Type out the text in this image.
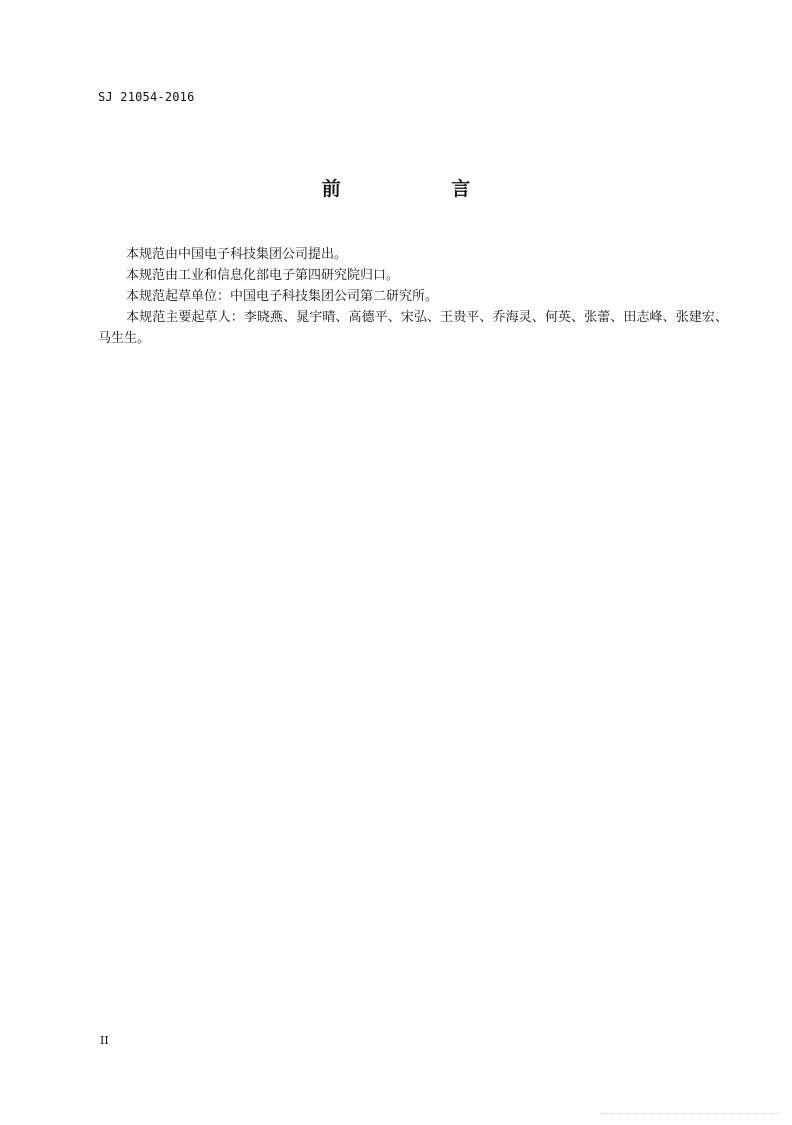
SJ 21054-2016
前 言

本规范由中国电子科技集团公司提出。

本规范由工业和信息化部电子第四研究院归口。

本规范起草单位：中国电子科技集团公司第二研究所。

本规范主要起草人：李晓燕、晁宇晴、高德平、宋弘、王贵平、乔海灵、何英、张蕾、田志峰、张建宏、马生生。

II
